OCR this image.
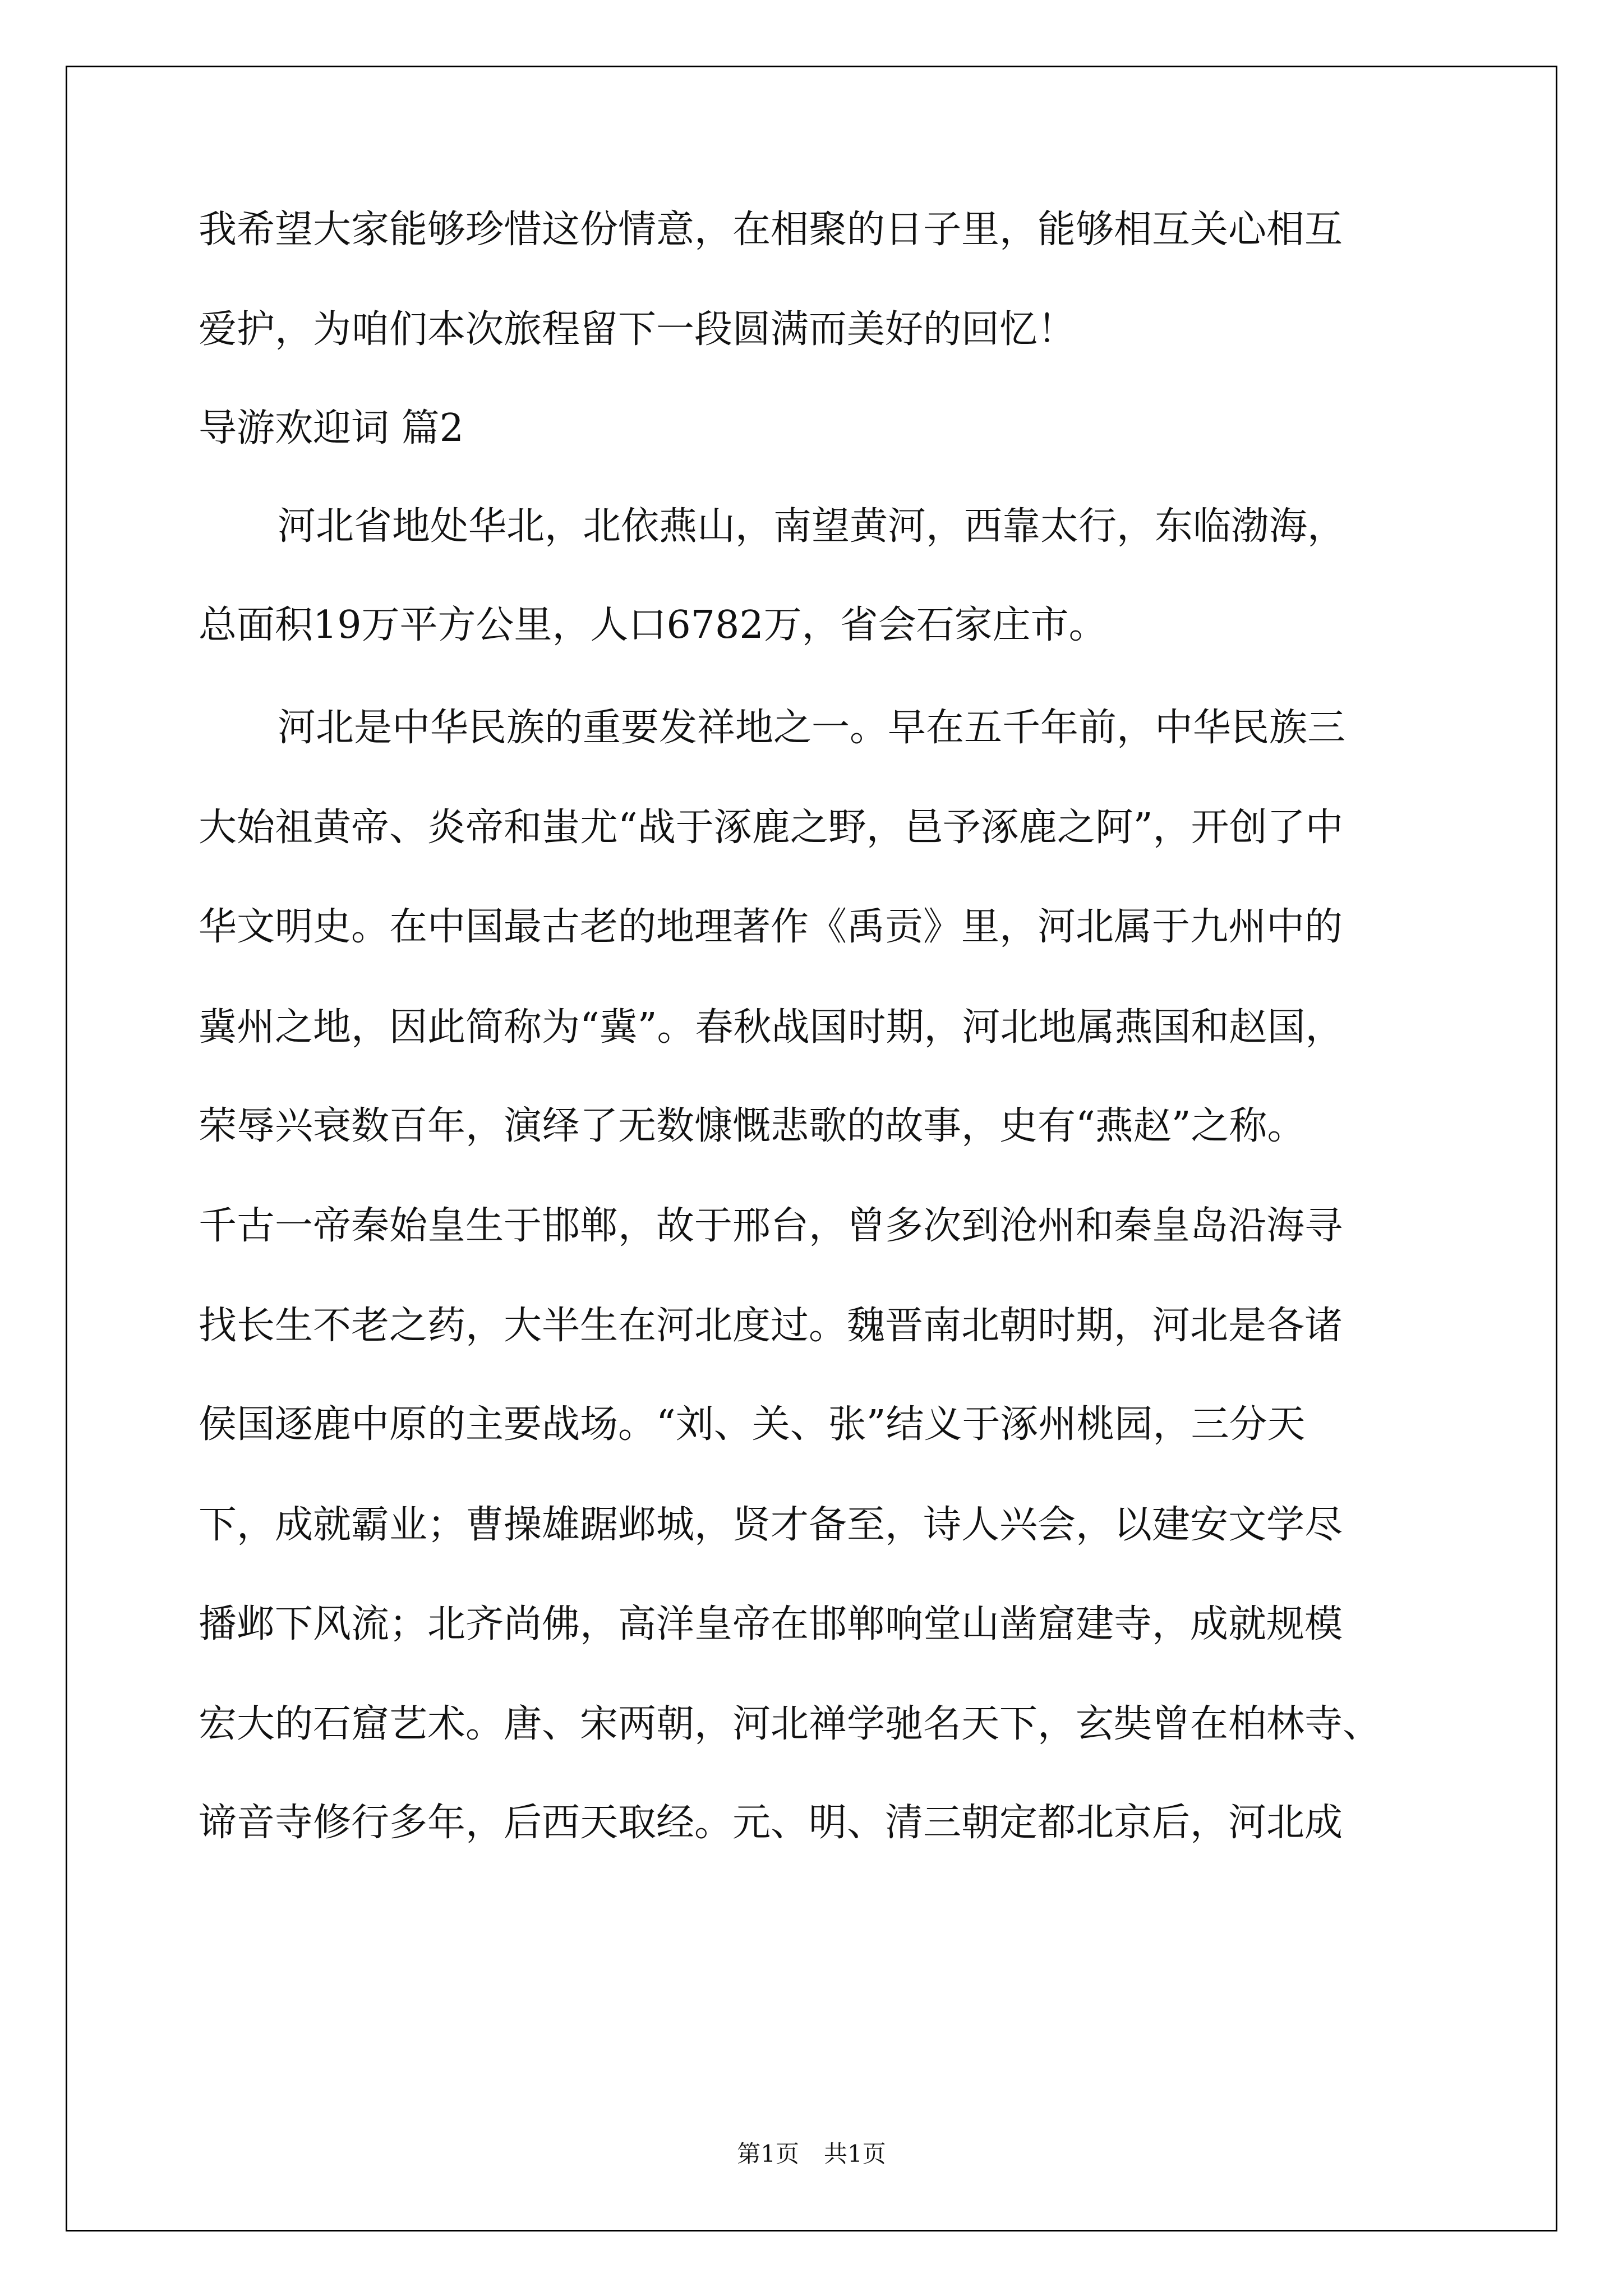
我希望大家能够珍惜这份情意，在相聚的日子里，能够相互关心相互
爱护，为咱们本次旅程留下一段圆满而美好的回忆！
导游欢迎词 篇2
河北省地处华北，北依燕山，南望黄河，西靠太行，东临渤海，
总面积19万平方公里，人口6782万，省会石家庄市。
河北是中华民族的重要发祥地之一。早在五千年前，中华民族三
大始祖黄帝、炎帝和蚩尤“战于涿鹿之野，邑予涿鹿之阿”，开创了中
华文明史。在中国最古老的地理著作《禹贡》里，河北属于九州中的
冀州之地，因此简称为“冀”。春秋战国时期，河北地属燕国和赵国，
荣辱兴衰数百年，演绎了无数慷慨悲歌的故事，史有“燕赵”之称。
千古一帝秦始皇生于邯郸，故于邢台，曾多次到沧州和秦皇岛沿海寻
找长生不老之药，大半生在河北度过。魏晋南北朝时期，河北是各诸
侯国逐鹿中原的主要战场。“刘、关、张”结义于涿州桃园，三分天
下，成就霸业；曹操雄踞邺城，贤才备至，诗人兴会，以建安文学尽
播邺下风流；北齐尚佛，高洋皇帝在邯郸响堂山凿窟建寺，成就规模
宏大的石窟艺术。唐、宋两朝，河北禅学驰名天下，玄奘曾在柏林寺、
谛音寺修行多年，后西天取经。元、明、清三朝定都北京后，河北成
第1页 共1页
